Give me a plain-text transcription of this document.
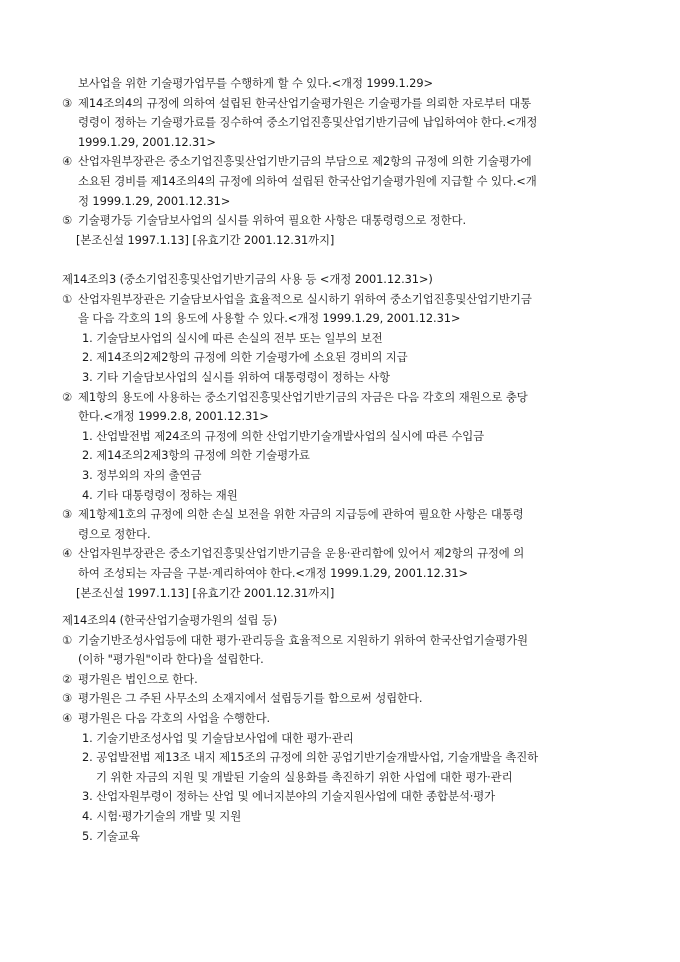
보사업을 위한 기술평가업무를 수행하게 할 수 있다.<개정 1999.1.29>
③ 제14조의4의 규정에 의하여 설립된 한국산업기술평가원은 기술평가를 의뢰한 자로부터 대통
령령이 정하는 기술평가료를 징수하여 중소기업진흥및산업기반기금에 납입하여야 한다.<개정
1999.1.29, 2001.12.31>
④ 산업자원부장관은 중소기업진흥및산업기반기금의 부담으로 제2항의 규정에 의한 기술평가에
소요된 경비를 제14조의4의 규정에 의하여 설립된 한국산업기술평가원에 지급할 수 있다.<개
정 1999.1.29, 2001.12.31>
⑤ 기술평가등 기술담보사업의 실시를 위하여 필요한 사항은 대통령령으로 정한다.
[본조신설 1997.1.13] [유효기간 2001.12.31까지]
제14조의3 (중소기업진흥및산업기반기금의 사용 등 <개정 2001.12.31>)
① 산업자원부장관은 기술담보사업을 효율적으로 실시하기 위하여 중소기업진흥및산업기반기금
을 다음 각호의 1의 용도에 사용할 수 있다.<개정 1999.1.29, 2001.12.31>
1. 기술담보사업의 실시에 따른 손실의 전부 또는 일부의 보전
2. 제14조의2제2항의 규정에 의한 기술평가에 소요된 경비의 지급
3. 기타 기술담보사업의 실시를 위하여 대통령령이 정하는 사항
② 제1항의 용도에 사용하는 중소기업진흥및산업기반기금의 자금은 다음 각호의 재원으로 충당
한다.<개정 1999.2.8, 2001.12.31>
1. 산업발전법 제24조의 규정에 의한 산업기반기술개발사업의 실시에 따른 수입금
2. 제14조의2제3항의 규정에 의한 기술평가료
3. 정부외의 자의 출연금
4. 기타 대통령령이 정하는 재원
③ 제1항제1호의 규정에 의한 손실 보전을 위한 자금의 지급등에 관하여 필요한 사항은 대통령
령으로 정한다.
④ 산업자원부장관은 중소기업진흥및산업기반기금을 운용·관리함에 있어서 제2항의 규정에 의
하여 조성되는 자금을 구분·계리하여야 한다.<개정 1999.1.29, 2001.12.31>
[본조신설 1997.1.13] [유효기간 2001.12.31까지]
제14조의4 (한국산업기술평가원의 설립 등)
① 기술기반조성사업등에 대한 평가·관리등을 효율적으로 지원하기 위하여 한국산업기술평가원
(이하 "평가원"이라 한다)을 설립한다.
② 평가원은 법인으로 한다.
③ 평가원은 그 주된 사무소의 소재지에서 설립등기를 함으로써 성립한다.
④ 평가원은 다음 각호의 사업을 수행한다.
1. 기술기반조성사업 및 기술담보사업에 대한 평가·관리
2. 공업발전법 제13조 내지 제15조의 규정에 의한 공업기반기술개발사업, 기술개발을 촉진하
기 위한 자금의 지원 및 개발된 기술의 실용화를 촉진하기 위한 사업에 대한 평가·관리
3. 산업자원부령이 정하는 산업 및 에너지분야의 기술지원사업에 대한 종합분석·평가
4. 시험·평가기술의 개발 및 지원
5. 기술교육
